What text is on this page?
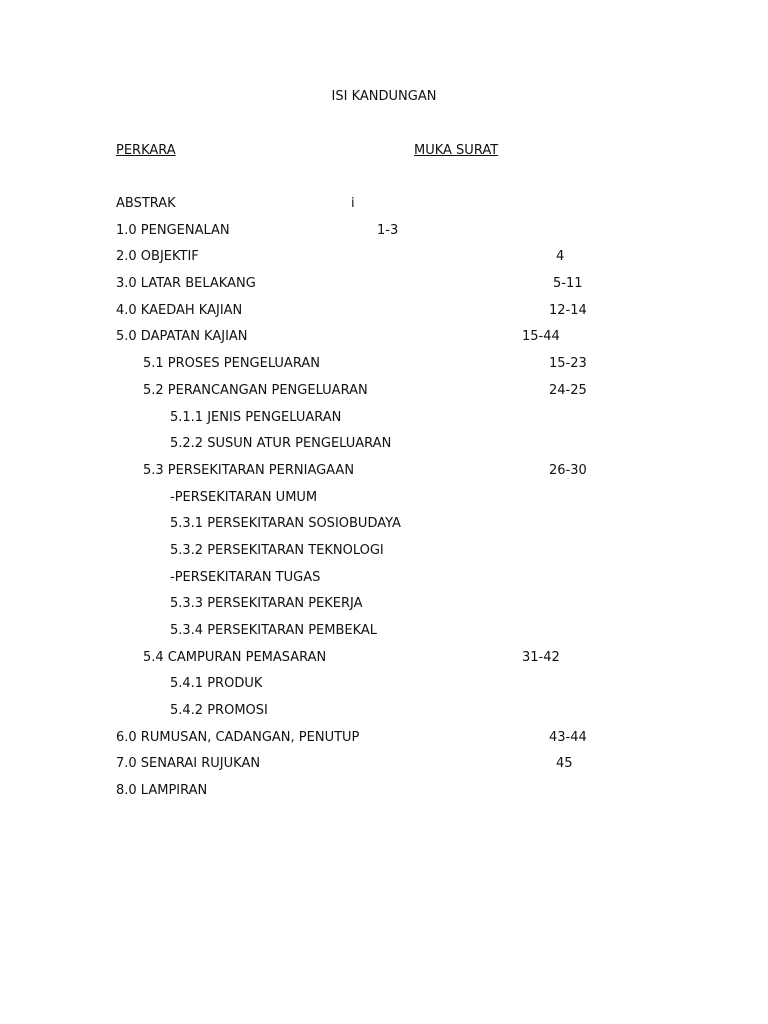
ISI KANDUNGAN
PERKARA	MUKA SURAT
ABSTRAK	i
1.0 PENGENALAN	1-3
2.0 OBJEKTIF	4
3.0 LATAR BELAKANG	5-11
4.0 KAEDAH KAJIAN	12-14
5.0 DAPATAN KAJIAN	15-44
5.1 PROSES PENGELUARAN	15-23
5.2 PERANCANGAN PENGELUARAN	24-25
5.1.1 JENIS PENGELUARAN
5.2.2 SUSUN ATUR PENGELUARAN
5.3 PERSEKITARAN PERNIAGAAN	26-30
-PERSEKITARAN UMUM
5.3.1 PERSEKITARAN SOSIOBUDAYA
5.3.2 PERSEKITARAN TEKNOLOGI
-PERSEKITARAN TUGAS
5.3.3 PERSEKITARAN PEKERJA
5.3.4 PERSEKITARAN PEMBEKAL
5.4 CAMPURAN PEMASARAN	31-42
5.4.1 PRODUK
5.4.2 PROMOSI
6.0 RUMUSAN, CADANGAN, PENUTUP	43-44
7.0 SENARAI RUJUKAN	45
8.0 LAMPIRAN
